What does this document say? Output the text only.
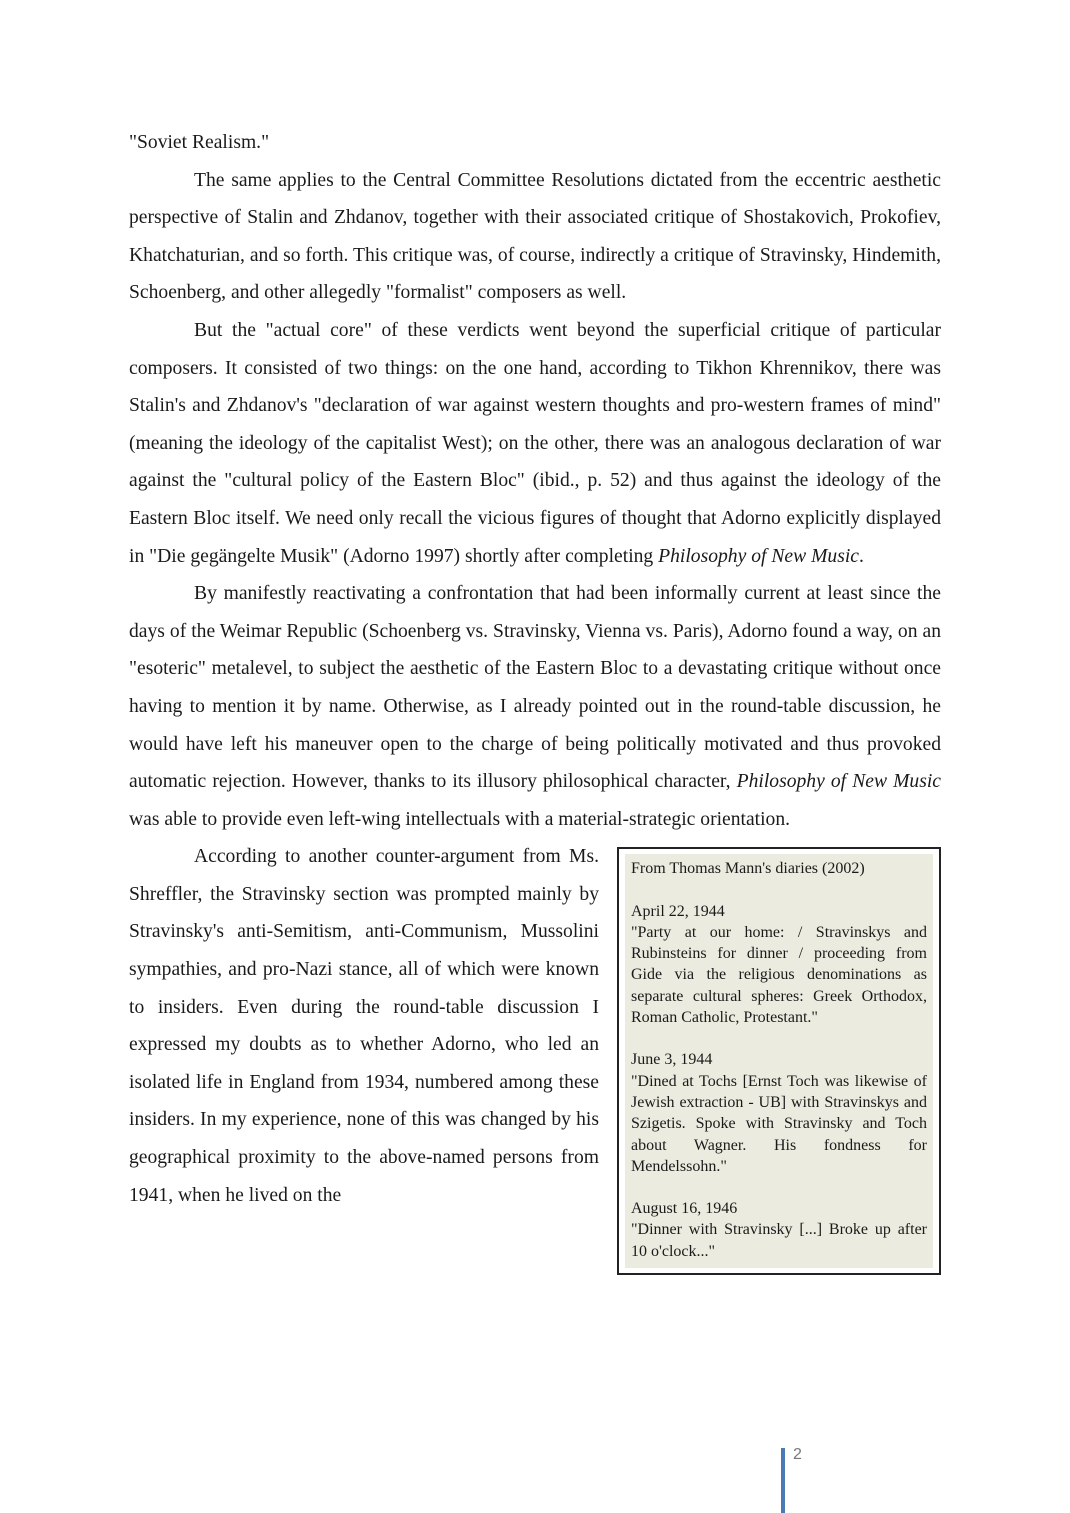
"Soviet Realism."

The same applies to the Central Committee Resolutions dictated from the eccentric aesthetic perspective of Stalin and Zhdanov, together with their associated critique of Shostakovich, Prokofiev, Khatchaturian, and so forth. This critique was, of course, indirectly a critique of Stravinsky, Hindemith, Schoenberg, and other allegedly "formalist" composers as well.

But the "actual core" of these verdicts went beyond the superficial critique of particular composers. It consisted of two things: on the one hand, according to Tikhon Khrennikov, there was Stalin's and Zhdanov's "declaration of war against western thoughts and pro-western frames of mind" (meaning the ideology of the capitalist West); on the other, there was an analogous declaration of war against the "cultural policy of the Eastern Bloc" (ibid., p. 52) and thus against the ideology of the Eastern Bloc itself. We need only recall the vicious figures of thought that Adorno explicitly displayed in "Die gegängelte Musik" (Adorno 1997) shortly after completing Philosophy of New Music.

By manifestly reactivating a confrontation that had been informally current at least since the days of the Weimar Republic (Schoenberg vs. Stravinsky, Vienna vs. Paris), Adorno found a way, on an "esoteric" metalevel, to subject the aesthetic of the Eastern Bloc to a devastating critique without once having to mention it by name. Otherwise, as I already pointed out in the round-table discussion, he would have left his maneuver open to the charge of being politically motivated and thus provoked automatic rejection. However, thanks to its illusory philosophical character, Philosophy of New Music was able to provide even left-wing intellectuals with a material-strategic orientation.

From Thomas Mann's diaries (2002)
April 22, 1944
"Party at our home: / Stravinskys and Rubinsteins for dinner / proceeding from Gide via the religious denominations as separate cultural spheres: Greek Orthodox, Roman Catholic, Protestant."
June 3, 1944
"Dined at Tochs [Ernst Toch was likewise of Jewish extraction - UB] with Stravinskys and Szigetis. Spoke with Stravinsky and Toch about Wagner. His fondness for Mendelssohn."
August 16, 1946
"Dinner with Stravinsky [...] Broke up after 10 o'clock..."

According to another counter-argument from Ms. Shreffler, the Stravinsky section was prompted mainly by Stravinsky's anti-Semitism, anti-Communism, Mussolini sympathies, and pro-Nazi stance, all of which were known to insiders. Even during the round-table discussion I expressed my doubts as to whether Adorno, who led an isolated life in England from 1934, numbered among these insiders. In my experience, none of this was changed by his geographical proximity to the above-named persons from 1941, when he lived on the

2
